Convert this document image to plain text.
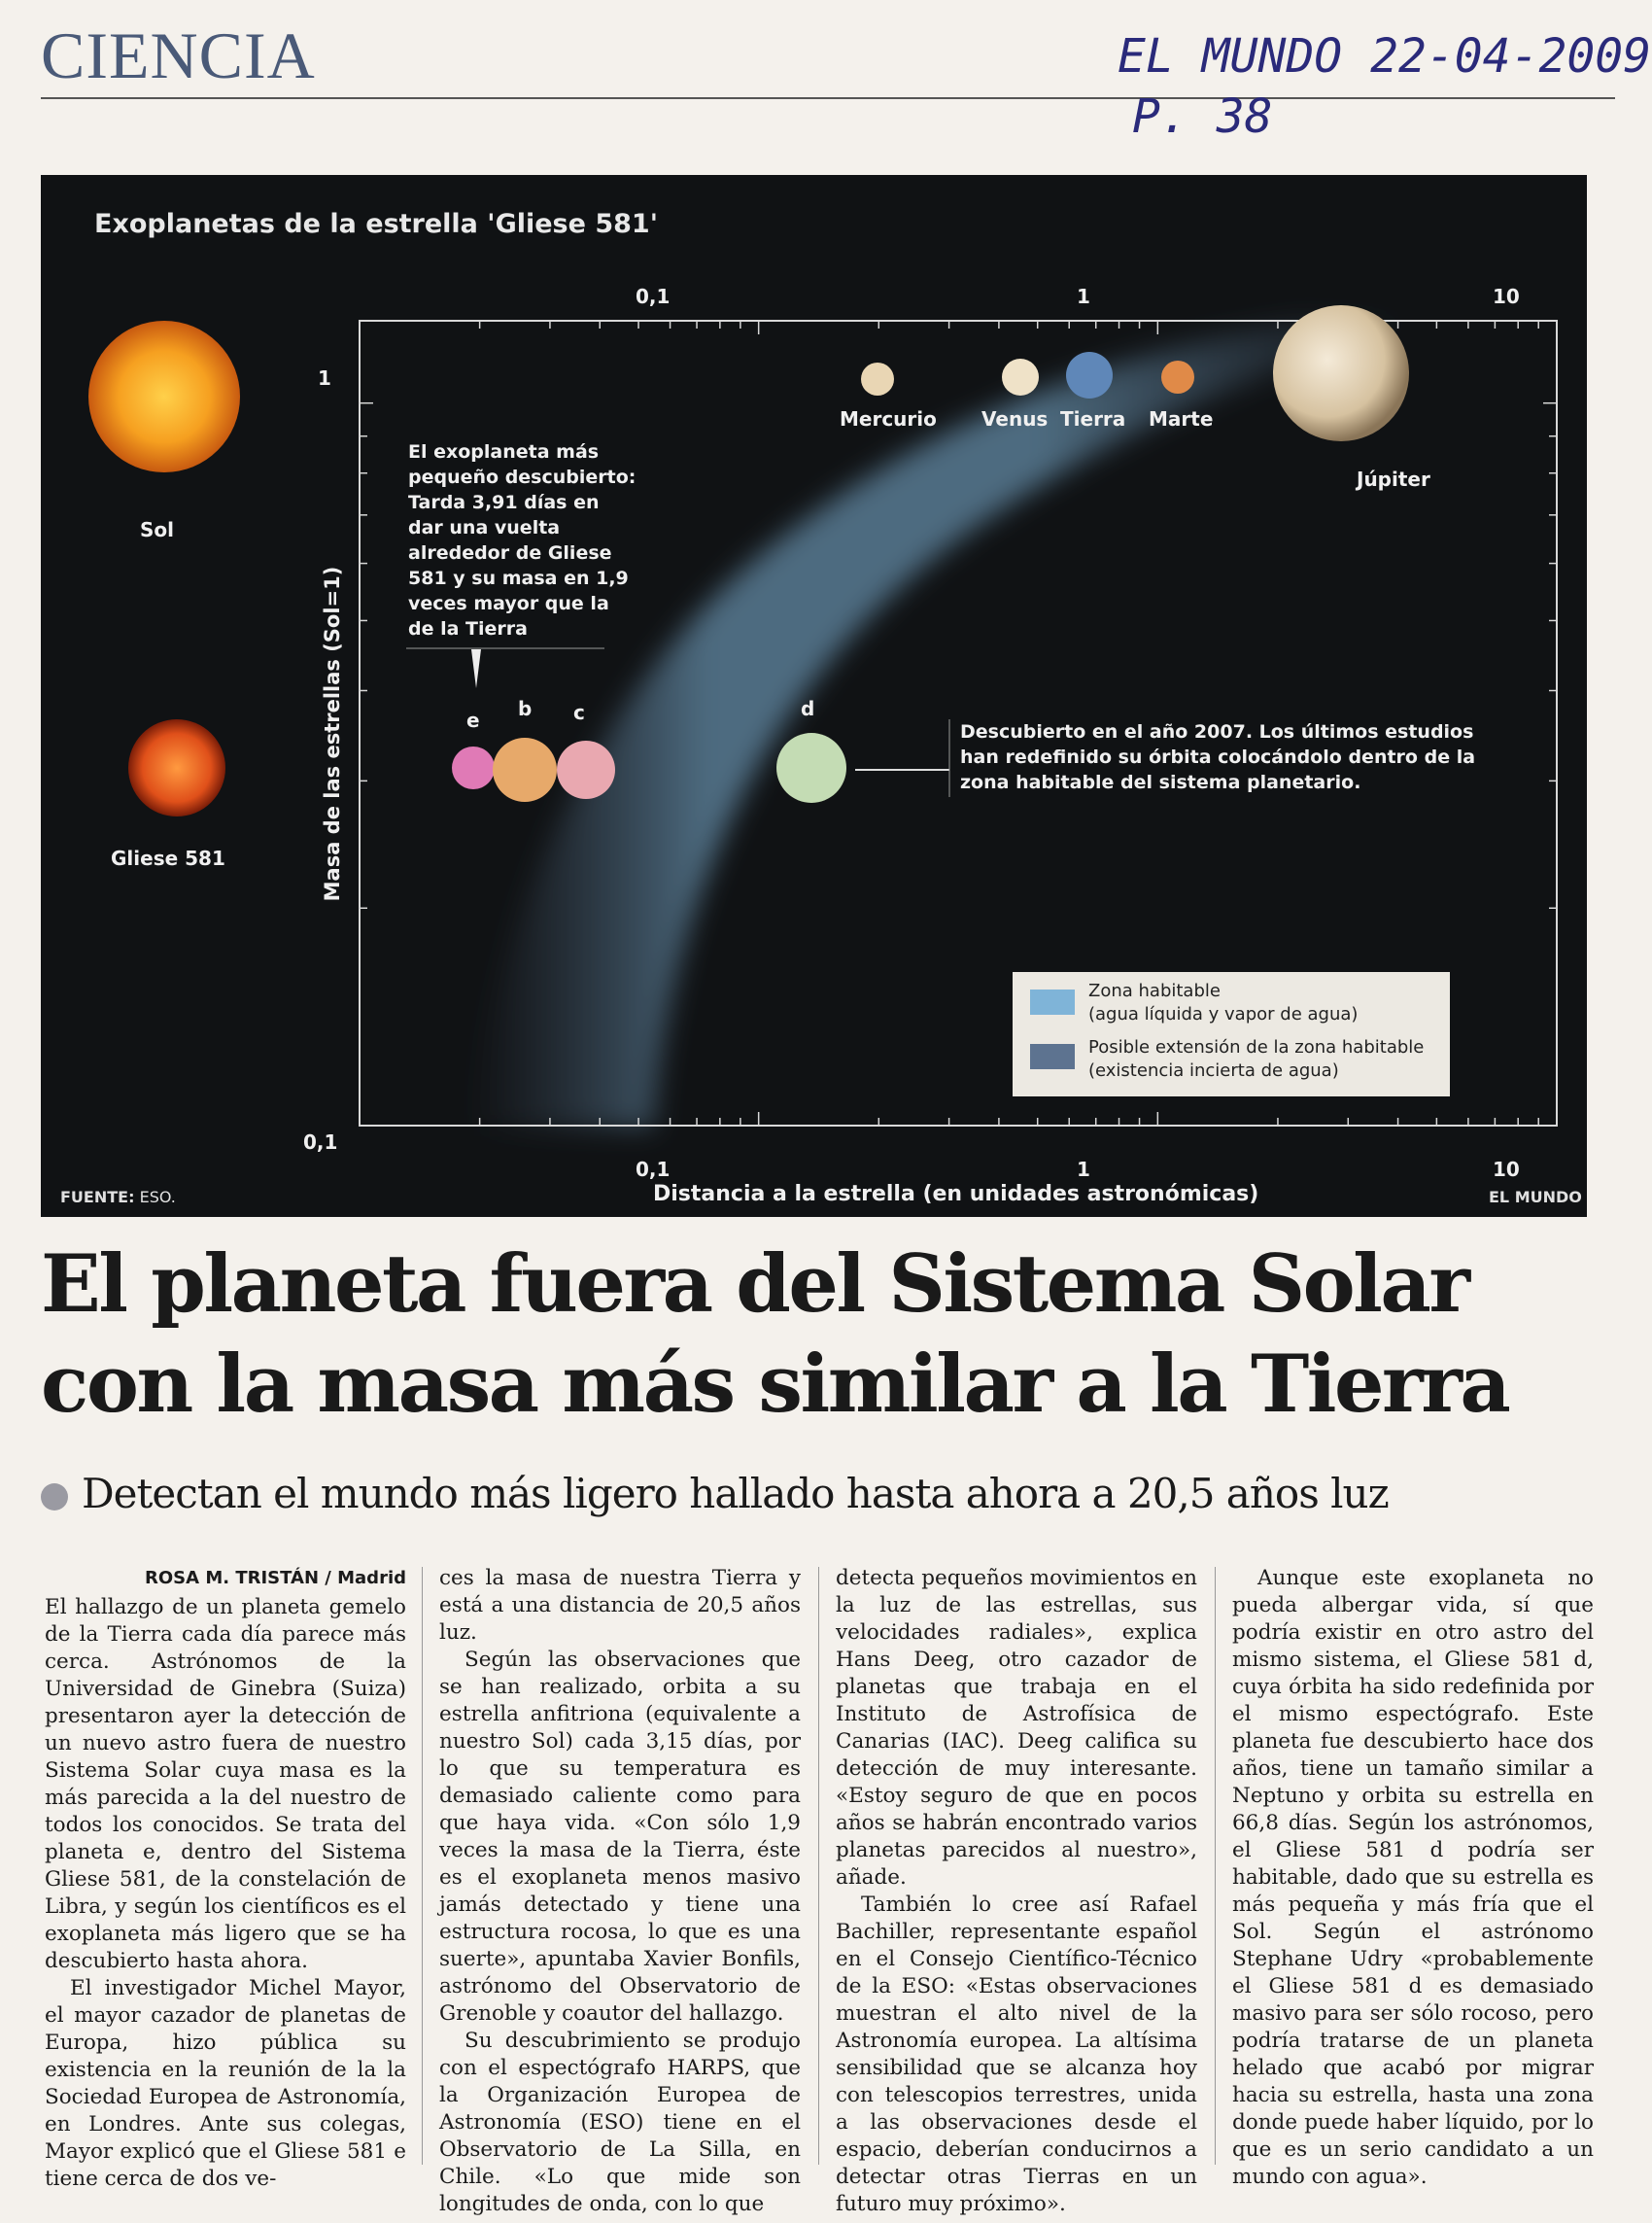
CIENCIA	EL MUNDO 22-04-2009
P. 38
Exoplanetas de la estrella 'Gliese 581'
Sol
Gliese 581
Mercurio Venus Tierra Marte
Júpiter
e b c	d
El exoplaneta más
pequeño descubierto:
Tarda 3,91 días en
dar una vuelta
alrededor de Gliese
581 y su masa en 1,9
veces mayor que la
de la Tierra
Descubierto en el año 2007. Los últimos estudios
han redefinido su órbita colocándolo dentro de la
zona habitable del sistema planetario.
0,1	1	10
0,1	1	10
1
0,1
Distancia a la estrella (en unidades astronómicas)
Masa de las estrellas (Sol=1)
Zona habitable
(agua líquida y vapor de agua)
Posible extensión de la zona habitable
(existencia incierta de agua)
FUENTE: ESO.	EL MUNDO
El planeta fuera del Sistema Solar
con la masa más similar a la Tierra
Detectan el mundo más ligero hallado hasta ahora a 20,5 años luz
ROSA M. TRISTÁN / Madrid

El hallazgo de un planeta gemelo de la Tierra cada día parece más cerca. Astrónomos de la Universidad de Ginebra (Suiza) presentaron ayer la detección de un nuevo astro fuera de nuestro Sistema Solar cuya masa es la más parecida a la del nuestro de todos los conocidos. Se trata del planeta e, dentro del Sistema Gliese 581, de la constelación de Libra, y según los científicos es el exoplaneta más ligero que se ha descubierto hasta ahora.

El investigador Michel Mayor, el mayor cazador de planetas de Europa, hizo pública su existencia en la reunión de la la Sociedad Europea de Astronomía, en Londres. Ante sus colegas, Mayor explicó que el Gliese 581 e tiene cerca de dos ve-

ces la masa de nuestra Tierra y está a una distancia de 20,5 años luz.

Según las observaciones que se han realizado, orbita a su estrella anfitriona (equivalente a nuestro Sol) cada 3,15 días, por lo que su temperatura es demasiado caliente como para que haya vida. «Con sólo 1,9 veces la masa de la Tierra, éste es el exoplaneta menos masivo jamás detectado y tiene una estructura rocosa, lo que es una suerte», apuntaba Xavier Bonfils, astrónomo del Observatorio de Grenoble y coautor del hallazgo.

Su descubrimiento se produjo con el espectógrafo HARPS, que la Organización Europea de Astronomía (ESO) tiene en el Observatorio de La Silla, en Chile. «Lo que mide son longitudes de onda, con lo que

detecta pequeños movimientos en la luz de las estrellas, sus velocidades radiales», explica Hans Deeg, otro cazador de planetas que trabaja en el Instituto de Astrofísica de Canarias (IAC). Deeg califica su detección de muy interesante. «Estoy seguro de que en pocos años se habrán encontrado varios planetas parecidos al nuestro», añade.

También lo cree así Rafael Bachiller, representante español en el Consejo Científico-Técnico de la ESO: «Estas observaciones muestran el alto nivel de la Astronomía europea. La altísima sensibilidad que se alcanza hoy con telescopios terrestres, unida a las observaciones desde el espacio, deberían conducirnos a detectar otras Tierras en un futuro muy próximo».

Aunque este exoplaneta no pueda albergar vida, sí que podría existir en otro astro del mismo sistema, el Gliese 581 d, cuya órbita ha sido redefinida por el mismo espectógrafo. Este planeta fue descubierto hace dos años, tiene un tamaño similar a Neptuno y orbita su estrella en 66,8 días. Según los astrónomos, el Gliese 581 d podría ser habitable, dado que su estrella es más pequeña y más fría que el Sol. Según el astrónomo Stephane Udry «probablemente el Gliese 581 d es demasiado masivo para ser sólo rocoso, pero podría tratarse de un planeta helado que acabó por migrar hacia su estrella, hasta una zona donde puede haber líquido, por lo que es un serio candidato a un mundo con agua».
